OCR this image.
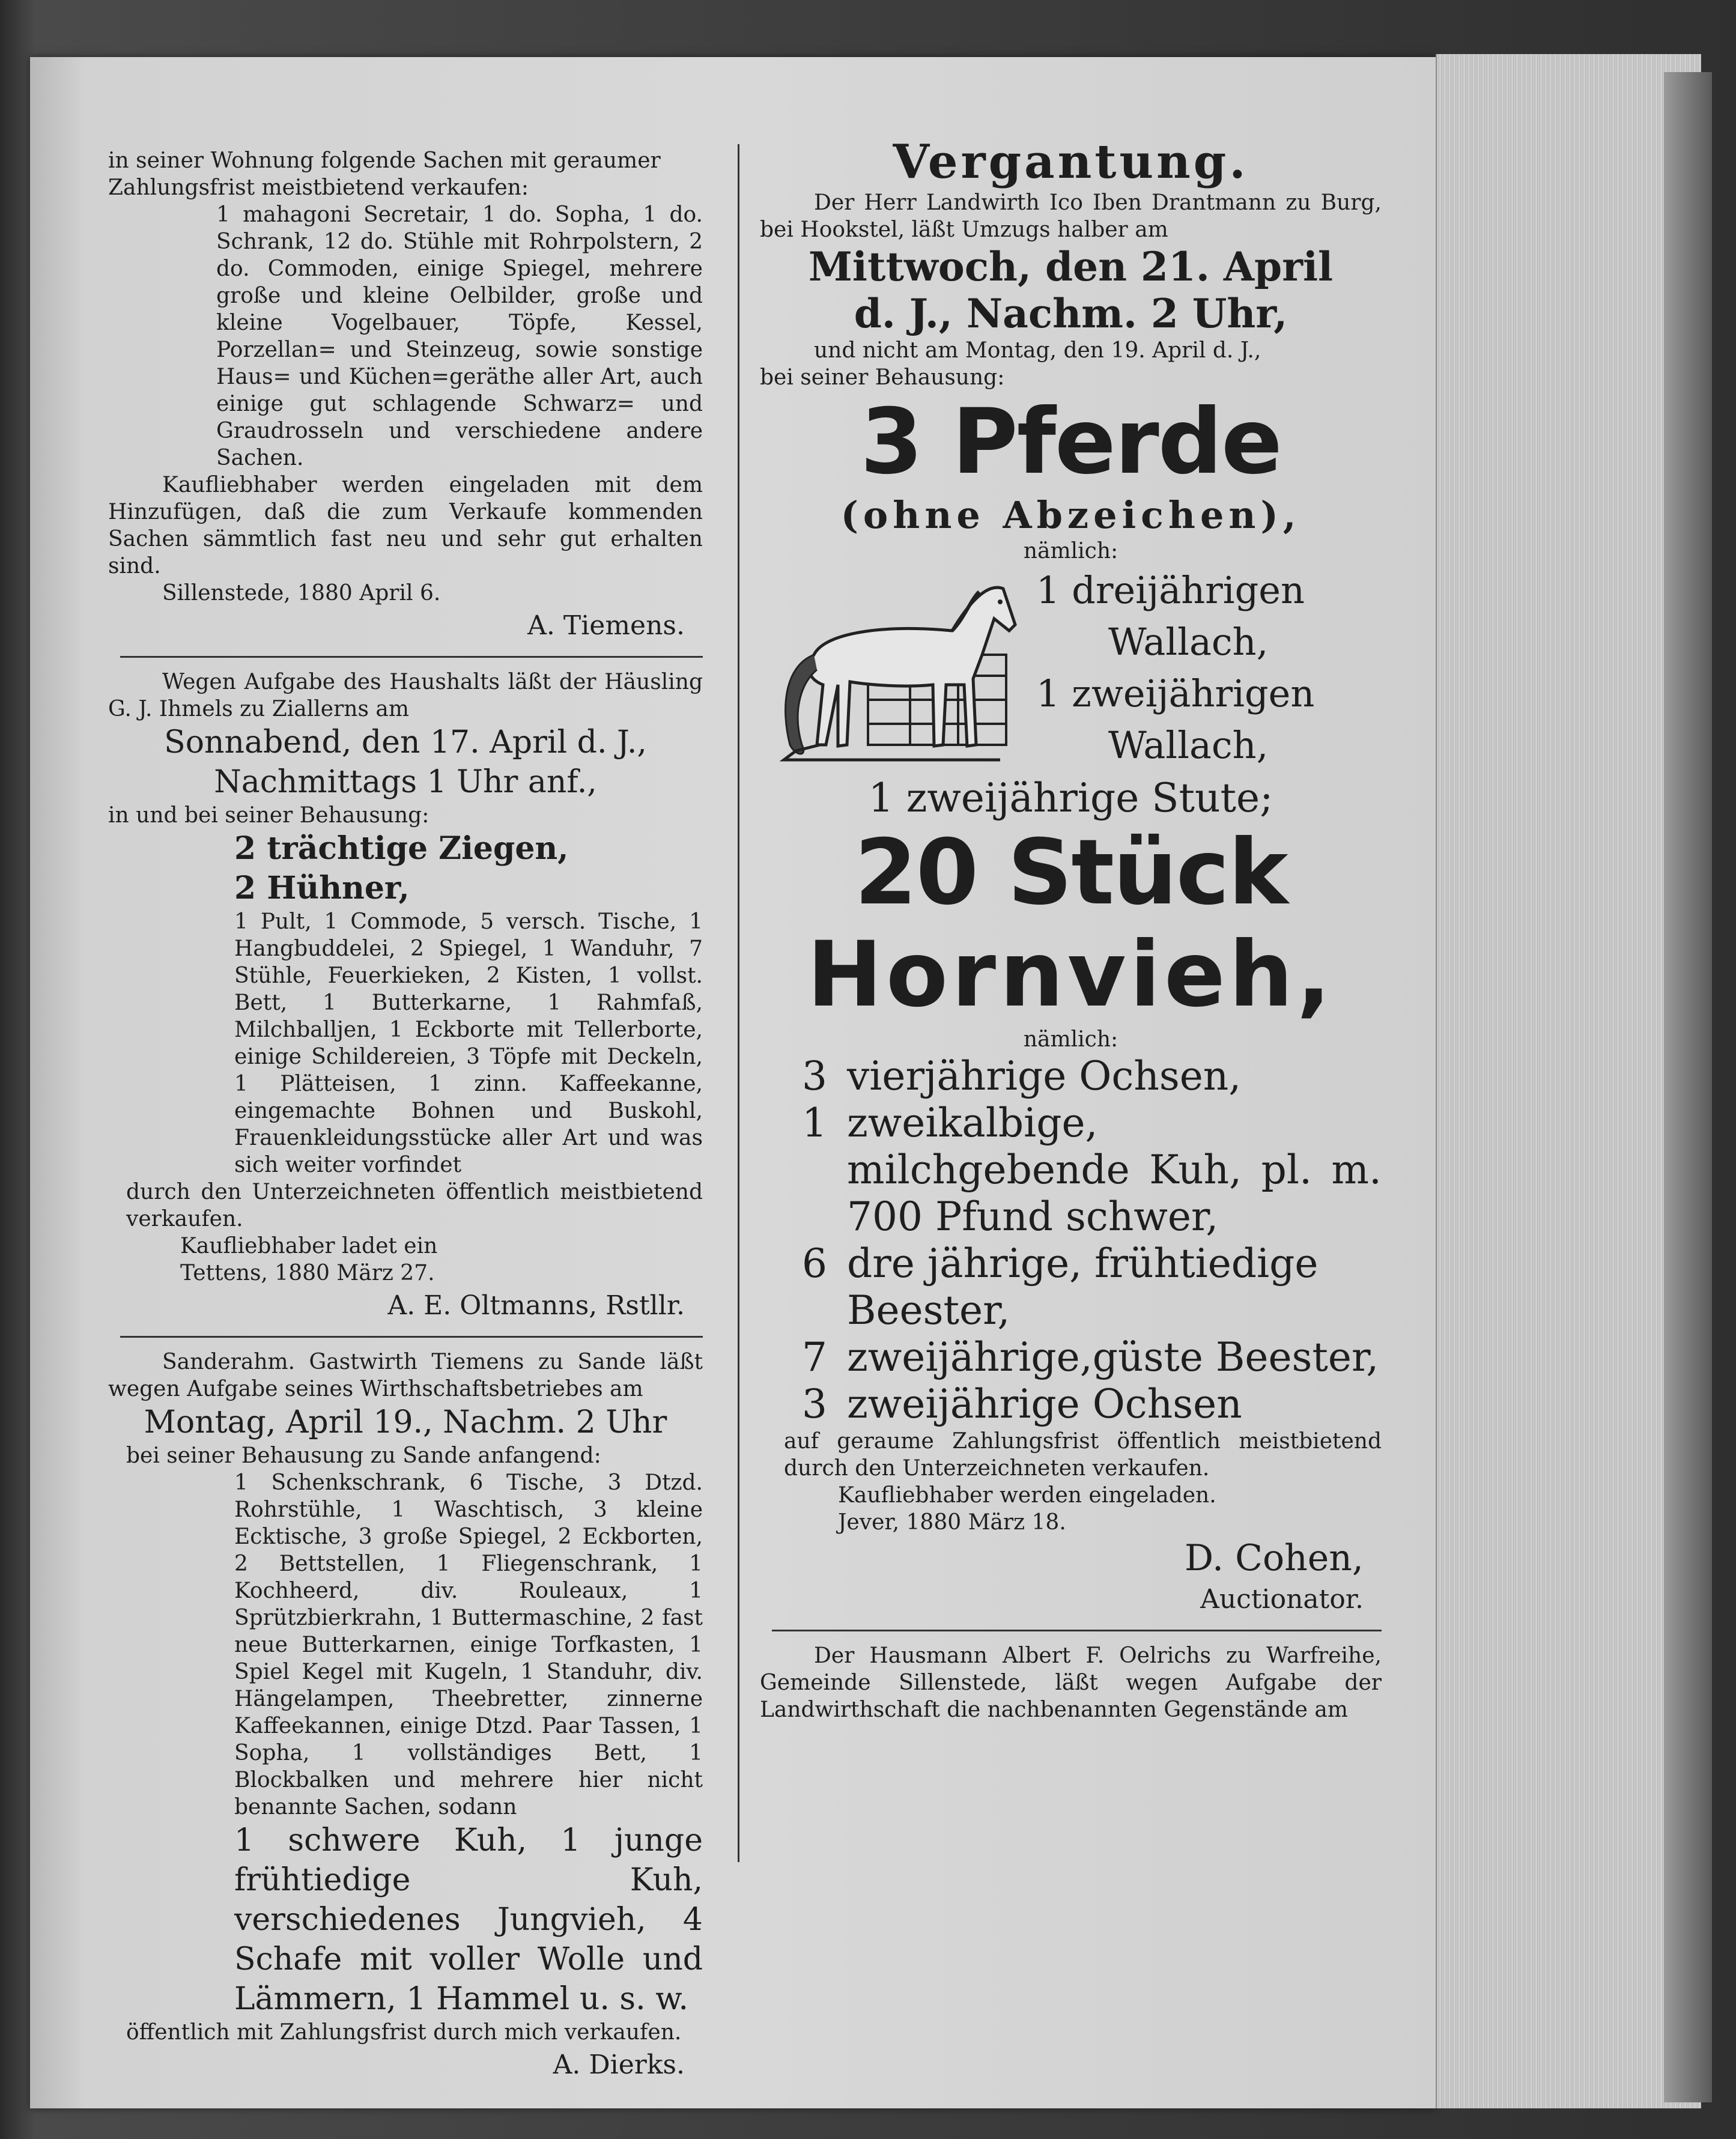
in seiner Wohnung folgende Sachen mit geraumer

Zahlungsfrist meistbietend verkaufen:

1 mahagoni Secretair, 1 do. Sopha, 1 do. Schrank, 12 do. Stühle mit Rohrpolstern, 2 do. Commoden, einige Spiegel, mehrere große und kleine Oelbilder, große und kleine Vogelbauer, Töpfe, Kessel, Porzellan= und Steinzeug, sowie sonstige Haus= und Küchen=geräthe aller Art, auch einige gut schlagende Schwarz= und Graudrosseln und verschiedene andere Sachen.

Kaufliebhaber werden eingeladen mit dem Hinzufügen, daß die zum Verkaufe kommenden Sachen sämmtlich fast neu und sehr gut erhalten sind.

Sillenstede, 1880 April 6.

A. Tiemens.

Wegen Aufgabe des Haushalts läßt der Häusling G. J. Ihmels zu Ziallerns am

Sonnabend, den 17. April d. J.,

Nachmittags 1 Uhr anf.,

in und bei seiner Behausung:

2 trächtige Ziegen,

2 Hühner,

1 Pult, 1 Commode, 5 versch. Tische, 1 Hangbuddelei, 2 Spiegel, 1 Wanduhr, 7 Stühle, Feuerkieken, 2 Kisten, 1 vollst. Bett, 1 Butterkarne, 1 Rahmfaß, Milchballjen, 1 Eckborte mit Tellerborte, einige Schildereien, 3 Töpfe mit Deckeln, 1 Plätteisen, 1 zinn. Kaffeekanne, eingemachte Bohnen und Buskohl, Frauenkleidungsstücke aller Art und was sich weiter vorfindet

durch den Unterzeichneten öffentlich meistbietend verkaufen.

Kaufliebhaber ladet ein

Tettens, 1880 März 27.

A. E. Oltmanns, Rstllr.

Sanderahm. Gastwirth Tiemens zu Sande läßt wegen Aufgabe seines Wirthschaftsbetriebes am

Montag, April 19., Nachm. 2 Uhr

bei seiner Behausung zu Sande anfangend:

1 Schenkschrank, 6 Tische, 3 Dtzd. Rohrstühle, 1 Waschtisch, 3 kleine Ecktische, 3 große Spiegel, 2 Eckborten, 2 Bettstellen, 1 Fliegenschrank, 1 Kochheerd, div. Rouleaux, 1 Sprützbierkrahn, 1 Buttermaschine, 2 fast neue Butterkarnen, einige Torfkasten, 1 Spiel Kegel mit Kugeln, 1 Standuhr, div. Hängelampen, Theebretter, zinnerne Kaffeekannen, einige Dtzd. Paar Tassen, 1 Sopha, 1 vollständiges Bett, 1 Blockbalken und mehrere hier nicht benannte Sachen, sodann

1 schwere Kuh, 1 junge frühtiedige Kuh, verschiedenes Jungvieh, 4 Schafe mit voller Wolle und Lämmern, 1 Hammel u. s. w.

öffentlich mit Zahlungsfrist durch mich verkaufen.

A. Dierks.

Vergantung.

Der Herr Landwirth Ico Iben Drantmann zu Burg, bei Hookstel, läßt Umzugs halber am

Mittwoch, den 21. April

d. J., Nachm. 2 Uhr,

und nicht am Montag, den 19. April d. J.,

bei seiner Behausung:

3 Pferde

(ohne Abzeichen),

nämlich:

1 dreijährigen

Wallach,

1 zweijährigen

Wallach,

1 zweijährige Stute;

20 Stück

Hornvieh,

nämlich:

3 vierjährige Ochsen,
1 zweikalbige, milchgebende Kuh, pl. m. 700 Pfund schwer,
6 dre jährige, frühtiedige Beester,
7 zweijährige,güste Beester,
3 zweijährige Ochsen

auf geraume Zahlungsfrist öffentlich meistbietend durch den Unterzeichneten verkaufen.

Kaufliebhaber werden eingeladen.

Jever, 1880 März 18.

D. Cohen,

Auctionator.

Der Hausmann Albert F. Oelrichs zu Warfreihe, Gemeinde Sillenstede, läßt wegen Aufgabe der Landwirthschaft die nachbenannten Gegenstände am
